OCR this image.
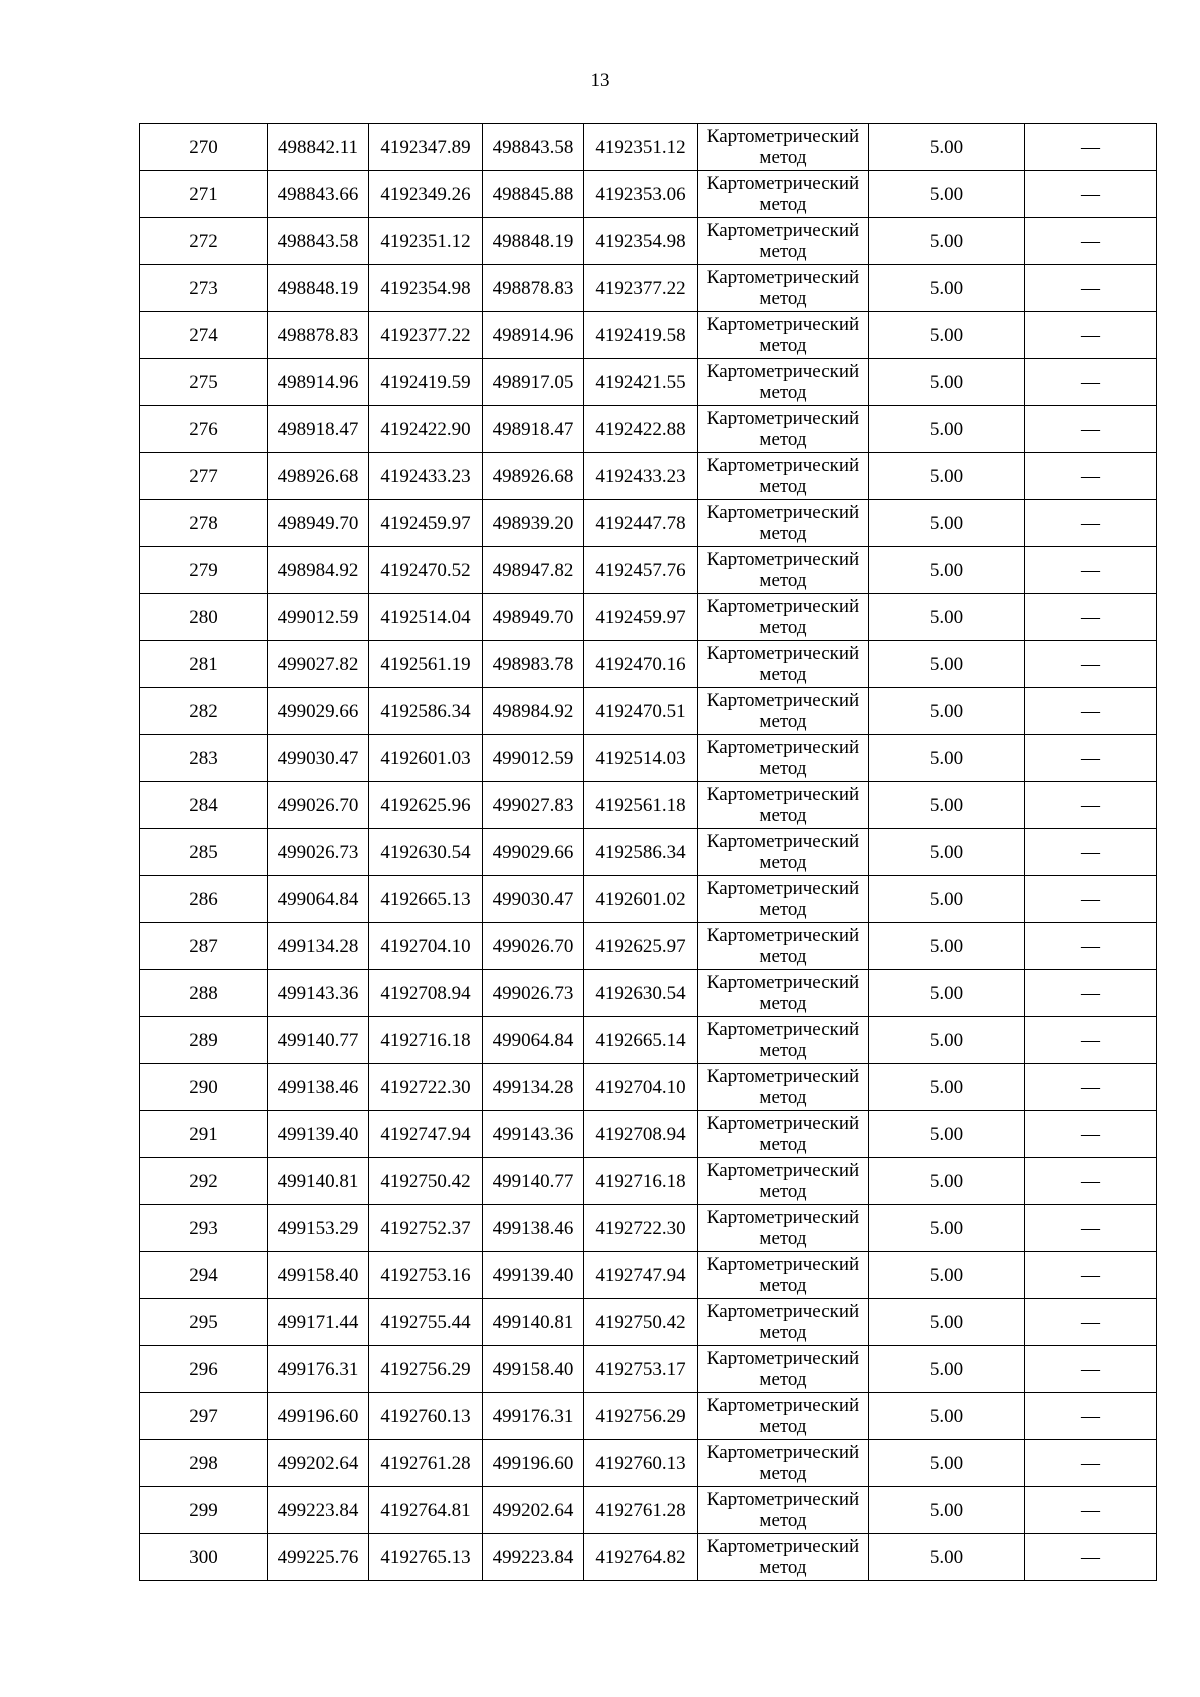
13
270	498842.11	4192347.89	498843.58	4192351.12	Картометрический
метод	5.00	—
271	498843.66	4192349.26	498845.88	4192353.06	Картометрический
метод	5.00	—
272	498843.58	4192351.12	498848.19	4192354.98	Картометрический
метод	5.00	—
273	498848.19	4192354.98	498878.83	4192377.22	Картометрический
метод	5.00	—
274	498878.83	4192377.22	498914.96	4192419.58	Картометрический
метод	5.00	—
275	498914.96	4192419.59	498917.05	4192421.55	Картометрический
метод	5.00	—
276	498918.47	4192422.90	498918.47	4192422.88	Картометрический
метод	5.00	—
277	498926.68	4192433.23	498926.68	4192433.23	Картометрический
метод	5.00	—
278	498949.70	4192459.97	498939.20	4192447.78	Картометрический
метод	5.00	—
279	498984.92	4192470.52	498947.82	4192457.76	Картометрический
метод	5.00	—
280	499012.59	4192514.04	498949.70	4192459.97	Картометрический
метод	5.00	—
281	499027.82	4192561.19	498983.78	4192470.16	Картометрический
метод	5.00	—
282	499029.66	4192586.34	498984.92	4192470.51	Картометрический
метод	5.00	—
283	499030.47	4192601.03	499012.59	4192514.03	Картометрический
метод	5.00	—
284	499026.70	4192625.96	499027.83	4192561.18	Картометрический
метод	5.00	—
285	499026.73	4192630.54	499029.66	4192586.34	Картометрический
метод	5.00	—
286	499064.84	4192665.13	499030.47	4192601.02	Картометрический
метод	5.00	—
287	499134.28	4192704.10	499026.70	4192625.97	Картометрический
метод	5.00	—
288	499143.36	4192708.94	499026.73	4192630.54	Картометрический
метод	5.00	—
289	499140.77	4192716.18	499064.84	4192665.14	Картометрический
метод	5.00	—
290	499138.46	4192722.30	499134.28	4192704.10	Картометрический
метод	5.00	—
291	499139.40	4192747.94	499143.36	4192708.94	Картометрический
метод	5.00	—
292	499140.81	4192750.42	499140.77	4192716.18	Картометрический
метод	5.00	—
293	499153.29	4192752.37	499138.46	4192722.30	Картометрический
метод	5.00	—
294	499158.40	4192753.16	499139.40	4192747.94	Картометрический
метод	5.00	—
295	499171.44	4192755.44	499140.81	4192750.42	Картометрический
метод	5.00	—
296	499176.31	4192756.29	499158.40	4192753.17	Картометрический
метод	5.00	—
297	499196.60	4192760.13	499176.31	4192756.29	Картометрический
метод	5.00	—
298	499202.64	4192761.28	499196.60	4192760.13	Картометрический
метод	5.00	—
299	499223.84	4192764.81	499202.64	4192761.28	Картометрический
метод	5.00	—
300	499225.76	4192765.13	499223.84	4192764.82	Картометрический
метод	5.00	—
